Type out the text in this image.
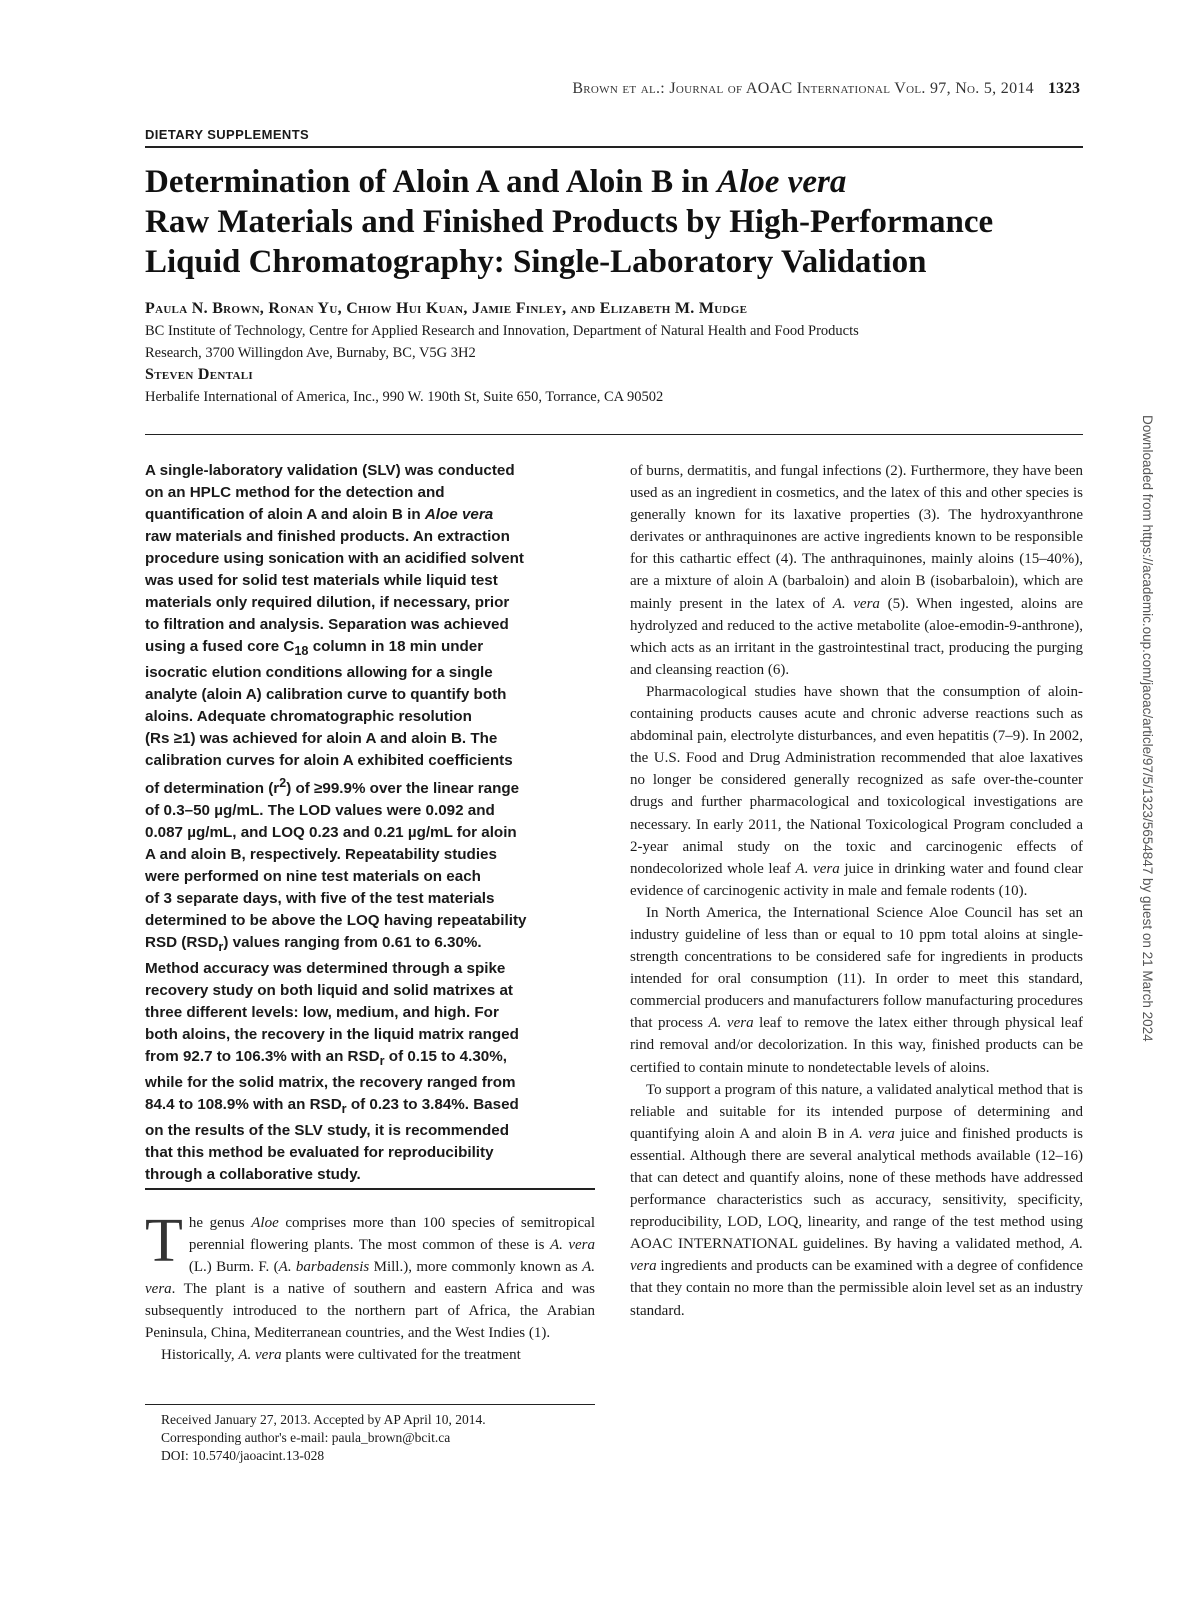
Brown et al.: Journal of AOAC International Vol. 97, No. 5, 2014 1323
DIETARY SUPPLEMENTS
Determination of Aloin A and Aloin B in Aloe vera
Raw Materials and Finished Products by High-Performance
Liquid Chromatography: Single-Laboratory Validation
Paula N. Brown, Ronan Yu, Chiow Hui Kuan, Jamie Finley, and Elizabeth M. Mudge
BC Institute of Technology, Centre for Applied Research and Innovation, Department of Natural Health and Food Products
Research, 3700 Willingdon Ave, Burnaby, BC, V5G 3H2
Steven Dentali
Herbalife International of America, Inc., 990 W. 190th St, Suite 650, Torrance, CA 90502
A single-laboratory validation (SLV) was conducted
on an HPLC method for the detection and
quantification of aloin A and aloin B in Aloe vera
raw materials and finished products. An extraction
procedure using sonication with an acidified solvent
was used for solid test materials while liquid test
materials only required dilution, if necessary, prior
to filtration and analysis. Separation was achieved
using a fused core $C_{18}$ column in 18 min under
isocratic elution conditions allowing for a single
analyte (aloin A) calibration curve to quantify both
aloins. Adequate chromatographic resolution
(Rs ≥1) was achieved for aloin A and aloin B. The
calibration curves for aloin A exhibited coefficients
of determination $(r^2)$ of ≥99.9% over the linear range
of 0.3–50 µg/mL. The LOD values were 0.092 and
0.087 µg/mL, and LOQ 0.23 and 0.21 µg/mL for aloin
A and aloin B, respectively. Repeatability studies
were performed on nine test materials on each
of 3 separate days, with five of the test materials
determined to be above the LOQ having repeatability
RSD $(RSD_r)$ values ranging from 0.61 to 6.30%.
Method accuracy was determined through a spike
recovery study on both liquid and solid matrixes at
three different levels: low, medium, and high. For
both aloins, the recovery in the liquid matrix ranged
from 92.7 to 106.3% with an $RSD_r$ of 0.15 to 4.30%,
while for the solid matrix, the recovery ranged from
84.4 to 108.9% with an $RSD_r$ of 0.23 to 3.84%. Based
on the results of the SLV study, it is recommended
that this method be evaluated for reproducibility
through a collaborative study.

The genus Aloe comprises more than 100 species of semitropical perennial flowering plants. The most common of these is A. vera (L.) Burm. F. (A. barbadensis Mill.), more commonly known as A. vera. The plant is a native of southern and eastern Africa and was subsequently introduced to the northern part of Africa, the Arabian Peninsula, China, Mediterranean countries, and the West Indies (1).

Historically, A. vera plants were cultivated for the treatment

Received January 27, 2013. Accepted by AP April 10, 2014.
Corresponding author's e-mail: paula_brown@bcit.ca
DOI: 10.5740/jaoacint.13-028

of burns, dermatitis, and fungal infections (2). Furthermore, they have been used as an ingredient in cosmetics, and the latex of this and other species is generally known for its laxative properties (3). The hydroxyanthrone derivates or anthraquinones are active ingredients known to be responsible for this cathartic effect (4). The anthraquinones, mainly aloins (15–40%), are a mixture of aloin A (barbaloin) and aloin B (isobarbaloin), which are mainly present in the latex of A. vera (5). When ingested, aloins are hydrolyzed and reduced to the active metabolite (aloe-emodin-9-anthrone), which acts as an irritant in the gastrointestinal tract, producing the purging and cleansing reaction (6).

Pharmacological studies have shown that the consumption of aloin-containing products causes acute and chronic adverse reactions such as abdominal pain, electrolyte disturbances, and even hepatitis (7–9). In 2002, the U.S. Food and Drug Administration recommended that aloe laxatives no longer be considered generally recognized as safe over-the-counter drugs and further pharmacological and toxicological investigations are necessary. In early 2011, the National Toxicological Program concluded a 2-year animal study on the toxic and carcinogenic effects of nondecolorized whole leaf A. vera juice in drinking water and found clear evidence of carcinogenic activity in male and female rodents (10).

In North America, the International Science Aloe Council has set an industry guideline of less than or equal to 10 ppm total aloins at single-strength concentrations to be considered safe for ingredients in products intended for oral consumption (11). In order to meet this standard, commercial producers and manufacturers follow manufacturing procedures that process A. vera leaf to remove the latex either through physical leaf rind removal and/or decolorization. In this way, finished products can be certified to contain minute to nondetectable levels of aloins.

To support a program of this nature, a validated analytical method that is reliable and suitable for its intended purpose of determining and quantifying aloin A and aloin B in A. vera juice and finished products is essential. Although there are several analytical methods available (12–16) that can detect and quantify aloins, none of these methods have addressed performance characteristics such as accuracy, sensitivity, specificity, reproducibility, LOD, LOQ, linearity, and range of the test method using AOAC INTERNATIONAL guidelines. By having a validated method, A. vera ingredients and products can be examined with a degree of confidence that they contain no more than the permissible aloin level set as an industry standard.

Downloaded from https://academic.oup.com/jaoac/article/97/5/1323/5654847 by guest on 21 March 2024
